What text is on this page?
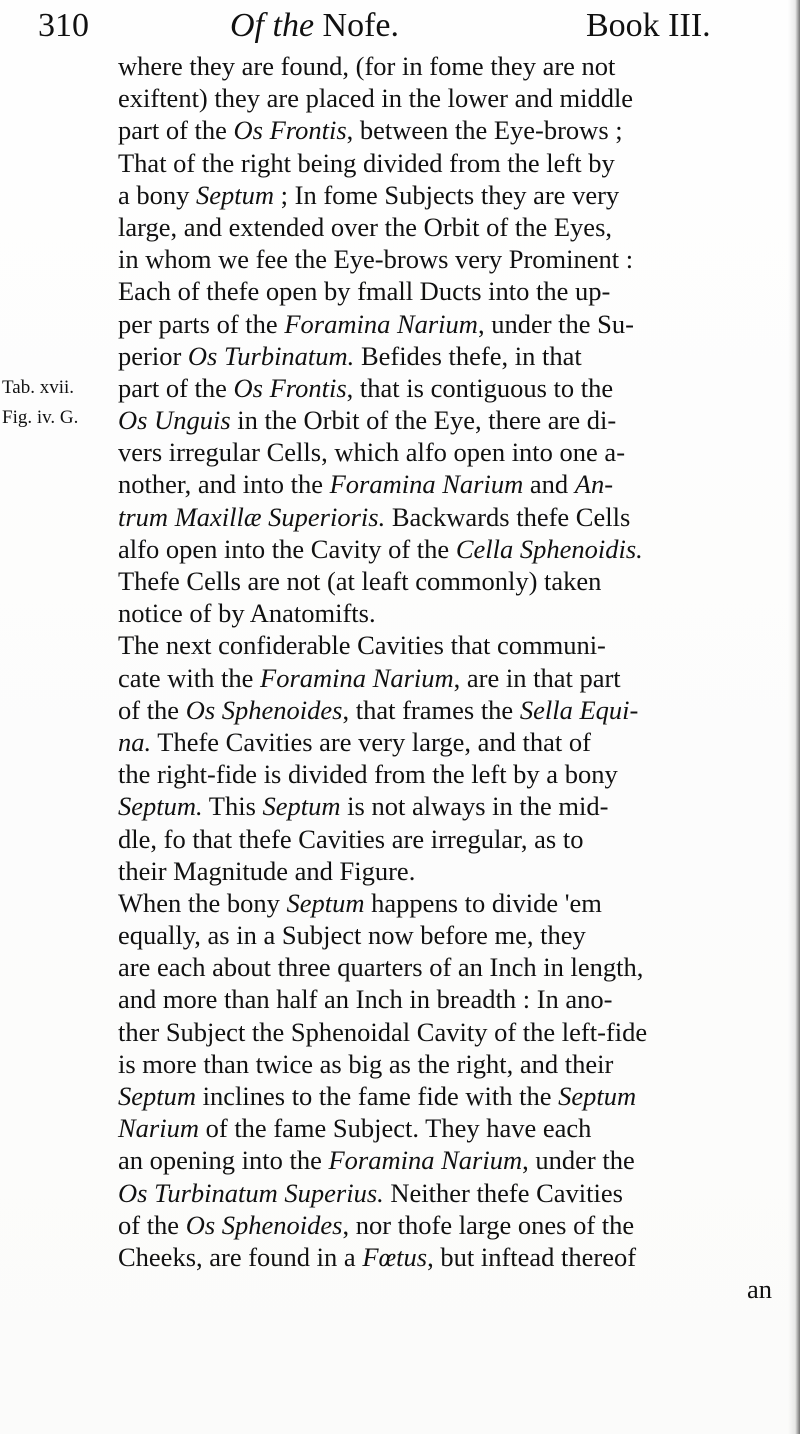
310	Of the Nofe.	Book III.
Tab. xvii.
Fig. iv. G.
where they are found, (for in fome they are not
exiftent) they are placed in the lower and middle
part of the Os Frontis, between the Eye-brows ;
That of the right being divided from the left by
a bony Septum ; In fome Subjects they are very
large, and extended over the Orbit of the Eyes,
in whom we fee the Eye-brows very Prominent :
Each of thefe open by fmall Ducts into the up-
per parts of the Foramina Narium, under the Su-
perior Os Turbinatum. Befides thefe, in that
part of the Os Frontis, that is contiguous to the
Os Unguis in the Orbit of the Eye, there are di-
vers irregular Cells, which alfo open into one a-
nother, and into the Foramina Narium and An-
trum Maxillæ Superioris. Backwards thefe Cells
alfo open into the Cavity of the Cella Sphenoidis.
Thefe Cells are not (at leaft commonly) taken
notice of by Anatomifts.
The next confiderable Cavities that communi-
cate with the Foramina Narium, are in that part
of the Os Sphenoides, that frames the Sella Equi-
na. Thefe Cavities are very large, and that of
the right-fide is divided from the left by a bony
Septum. This Septum is not always in the mid-
dle, fo that thefe Cavities are irregular, as to
their Magnitude and Figure.
When the bony Septum happens to divide 'em
equally, as in a Subject now before me, they
are each about three quarters of an Inch in length,
and more than half an Inch in breadth : In ano-
ther Subject the Sphenoidal Cavity of the left-fide
is more than twice as big as the right, and their
Septum inclines to the fame fide with the Septum
Narium of the fame Subject. They have each
an opening into the Foramina Narium, under the
Os Turbinatum Superius. Neither thefe Cavities
of the Os Sphenoides, nor thofe large ones of the
Cheeks, are found in a Fœtus, but inftead thereof
an
